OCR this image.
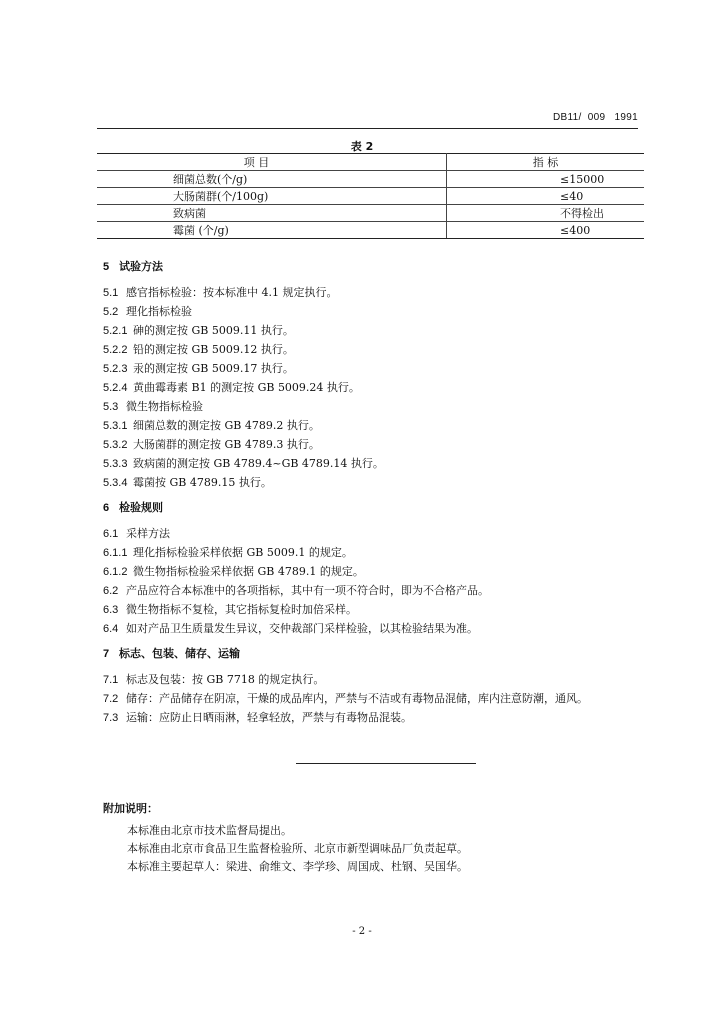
DB11/  009   1991
表 2
项 目	指 标
细菌总数(个/g)	≤15000
大肠菌群(个/100g)	≤40
致病菌	不得检出
霉菌 (个/g)	≤400
5 试验方法
5.1 感官指标检验：按本标准中 4.1 规定执行。
5.2 理化指标检验
5.2.1 砷的测定按 GB 5009.11 执行。
5.2.2 铅的测定按 GB 5009.12 执行。
5.2.3 汞的测定按 GB 5009.17 执行。
5.2.4 黄曲霉毒素 B1 的测定按 GB 5009.24 执行。
5.3 微生物指标检验
5.3.1 细菌总数的测定按 GB 4789.2 执行。
5.3.2 大肠菌群的测定按 GB 4789.3 执行。
5.3.3 致病菌的测定按 GB 4789.4~GB 4789.14 执行。
5.3.4 霉菌按 GB 4789.15 执行。
6 检验规则
6.1 采样方法
6.1.1 理化指标检验采样依据 GB 5009.1 的规定。
6.1.2 微生物指标检验采样依据 GB 4789.1 的规定。
6.2 产品应符合本标准中的各项指标，其中有一项不符合时，即为不合格产品。
6.3 微生物指标不复检，其它指标复检时加倍采样。
6.4 如对产品卫生质量发生异议，交仲裁部门采样检验，以其检验结果为准。
7 标志、包装、储存、运输
7.1 标志及包装：按 GB 7718 的规定执行。
7.2 储存：产品储存在阴凉，干燥的成品库内，严禁与不洁或有毒物品混储，库内注意防潮，通风。
7.3 运输：应防止日晒雨淋，轻拿轻放，严禁与有毒物品混装。
附加说明：
本标准由北京市技术监督局提出。
本标准由北京市食品卫生监督检验所、北京市新型调味品厂负责起草。
本标准主要起草人：梁进、俞维文、李学珍、周国成、杜钢、吴国华。
- 2 -
